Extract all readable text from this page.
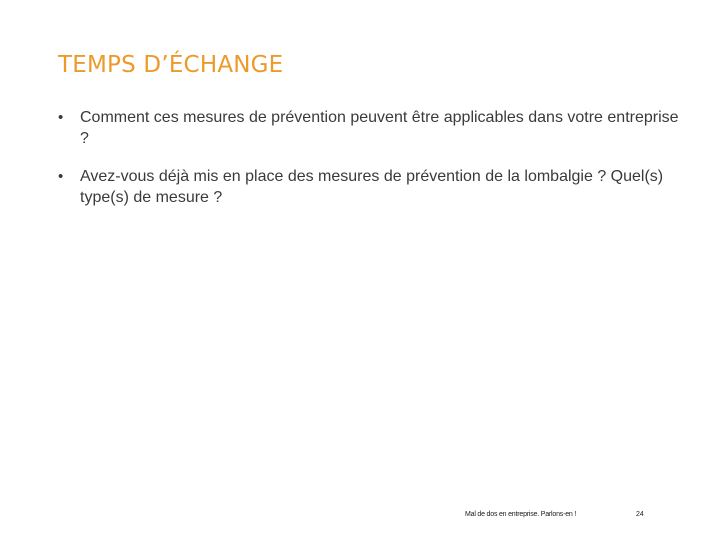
TEMPS D’ÉCHANGE
• Comment ces mesures de prévention peuvent être applicables dans votre entreprise ?
• Avez-vous déjà mis en place des mesures de prévention de la lombalgie ? Quel(s) type(s) de mesure ?
Mal de dos en entreprise. Parlons-en !	24
